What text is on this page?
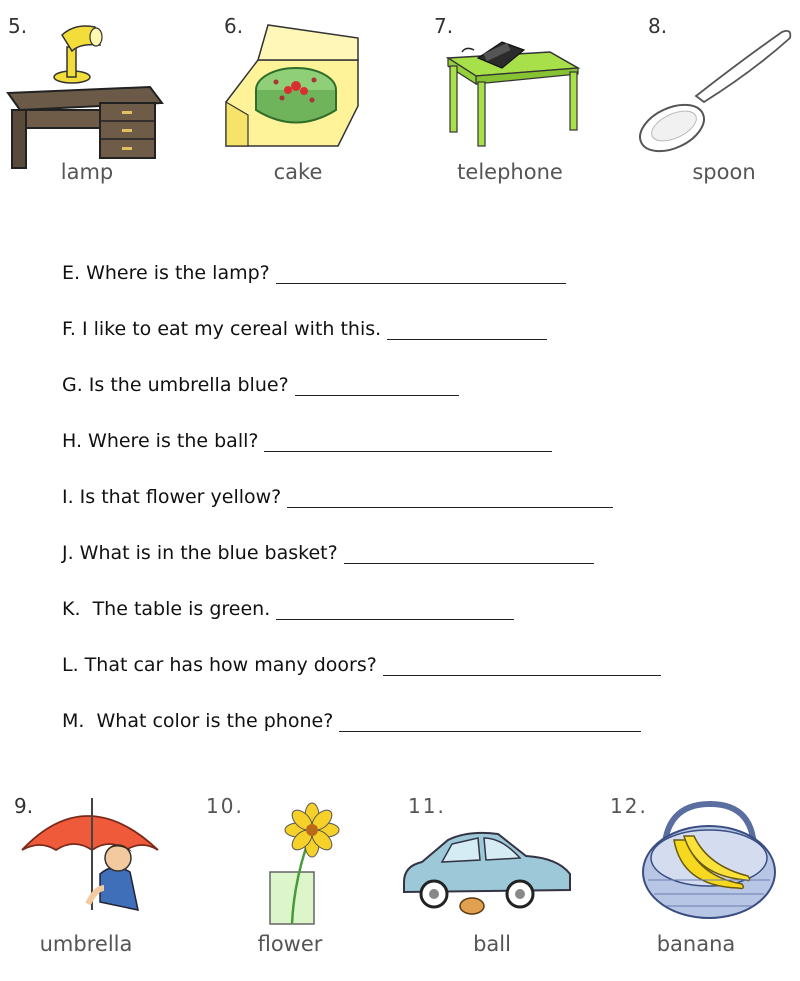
5.	6.	7.	8.
lamp	cake	telephone	spoon
E. Where is the lamp?
F. I like to eat my cereal with this.
G. Is the umbrella blue?
H. Where is the ball?
I. Is that flower yellow?
J. What is in the blue basket?
K.  The table is green.
L. That car has how many doors?
M.  What color is the phone?
9.	10.	11.	12.
umbrella	flower	ball	banana
